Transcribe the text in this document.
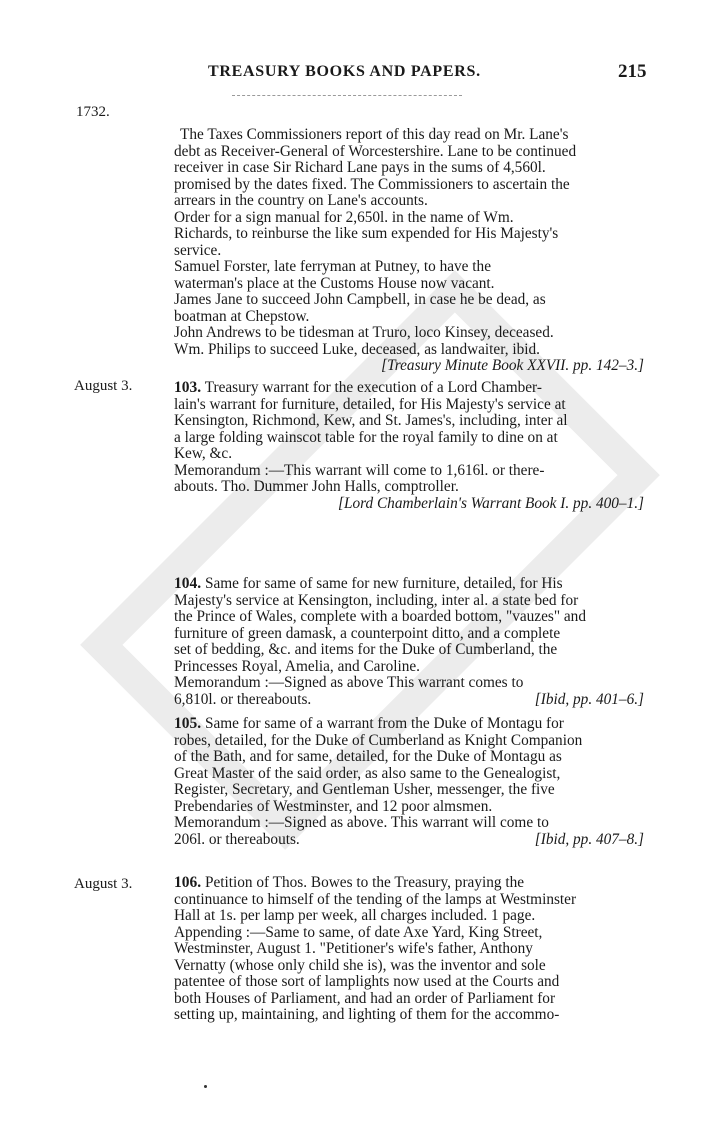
TREASURY BOOKS AND PAPERS.	215
1732.
August 3.
August 3.
The Taxes Commissioners report of this day read on Mr. Lane's
debt as Receiver-General of Worcestershire. Lane to be continued
receiver in case Sir Richard Lane pays in the sums of 4,560l.
promised by the dates fixed. The Commissioners to ascertain the
arrears in the country on Lane's accounts.
Order for a sign manual for 2,650l. in the name of Wm.
Richards, to reinburse the like sum expended for His Majesty's
service.
Samuel Forster, late ferryman at Putney, to have the
waterman's place at the Customs House now vacant.
James Jane to succeed John Campbell, in case he be dead, as
boatman at Chepstow.
John Andrews to be tidesman at Truro, loco Kinsey, deceased.
Wm. Philips to succeed Luke, deceased, as landwaiter, ibid.
[Treasury Minute Book XXVII. pp. 142–3.]
103. Treasury warrant for the execution of a Lord Chamber-
lain's warrant for furniture, detailed, for His Majesty's service at
Kensington, Richmond, Kew, and St. James's, including, inter al
a large folding wainscot table for the royal family to dine on at
Kew, &c.
Memorandum :—This warrant will come to 1,616l. or there-
abouts. Tho. Dummer John Halls, comptroller.
[Lord Chamberlain's Warrant Book I. pp. 400–1.]
104. Same for same of same for new furniture, detailed, for His
Majesty's service at Kensington, including, inter al. a state bed for
the Prince of Wales, complete with a boarded bottom, "vauzes" and
furniture of green damask, a counterpoint ditto, and a complete
set of bedding, &c. and items for the Duke of Cumberland, the
Princesses Royal, Amelia, and Caroline.
Memorandum :—Signed as above This warrant comes to
6,810l. or thereabouts.	[Ibid, pp. 401–6.]
105. Same for same of a warrant from the Duke of Montagu for
robes, detailed, for the Duke of Cumberland as Knight Companion
of the Bath, and for same, detailed, for the Duke of Montagu as
Great Master of the said order, as also same to the Genealogist,
Register, Secretary, and Gentleman Usher, messenger, the five
Prebendaries of Westminster, and 12 poor almsmen.
Memorandum :—Signed as above. This warrant will come to
206l. or thereabouts.	[Ibid, pp. 407–8.]
106. Petition of Thos. Bowes to the Treasury, praying the
continuance to himself of the tending of the lamps at Westminster
Hall at 1s. per lamp per week, all charges included. 1 page.
Appending :—Same to same, of date Axe Yard, King Street,
Westminster, August 1. "Petitioner's wife's father, Anthony
Vernatty (whose only child she is), was the inventor and sole
patentee of those sort of lamplights now used at the Courts and
both Houses of Parliament, and had an order of Parliament for
setting up, maintaining, and lighting of them for the accommo-
